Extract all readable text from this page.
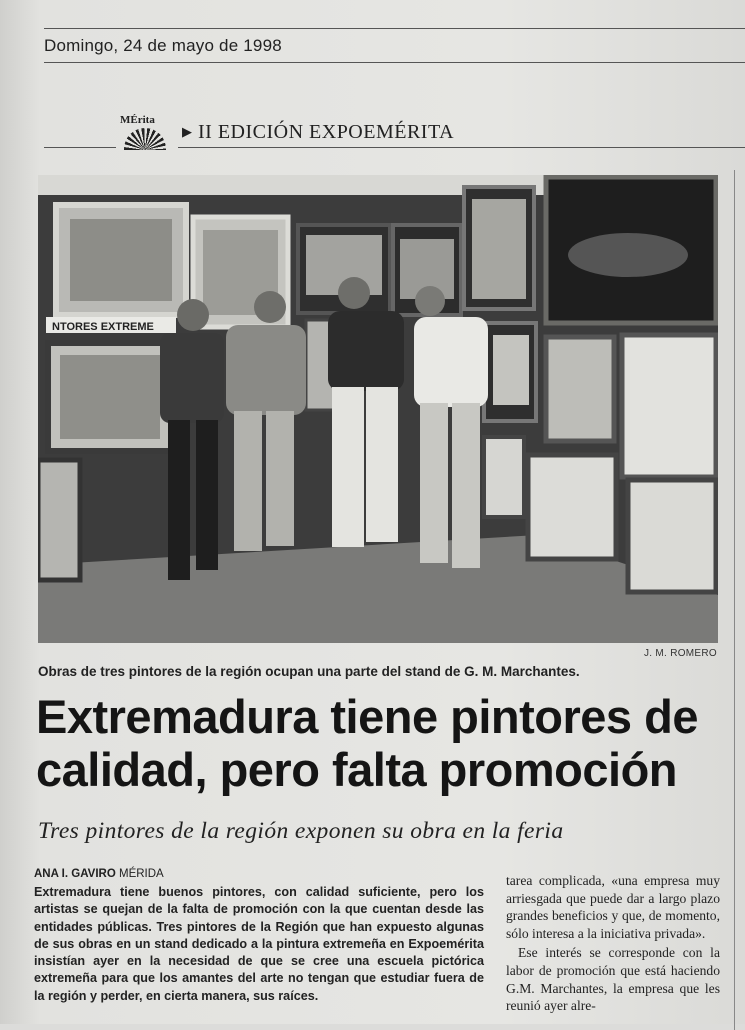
Domingo, 24 de mayo de 1998
MÉrita
▶ II EDICIÓN EXPOEMÉRITA
NTORES EXTREME
J. M. ROMERO
Obras de tres pintores de la región ocupan una parte del stand de G. M. Marchantes.
Extremadura tiene pintores de calidad, pero falta promoción
Tres pintores de la región exponen su obra en la feria
ANA I. GAVIRO MÉRIDA
Extremadura tiene buenos pintores, con calidad suficiente, pero los artistas se quejan de la falta de promoción con la que cuentan desde las entidades públicas. Tres pintores de la Región que han expuesto algunas de sus obras en un stand dedicado a la pintura extremeña en Expoemérita insistían ayer en la necesidad de que se cree una escuela pictórica extremeña para que los amantes del arte no tengan que estudiar fuera de la región y perder, en cierta manera, sus raíces.

tarea complicada, «una empresa muy arriesgada que puede dar a largo plazo grandes beneficios y que, de momento, sólo interesa a la iniciativa privada».

Ese interés se corresponde con la labor de promoción que está haciendo G.M. Marchantes, la empresa que les reunió ayer alre-
